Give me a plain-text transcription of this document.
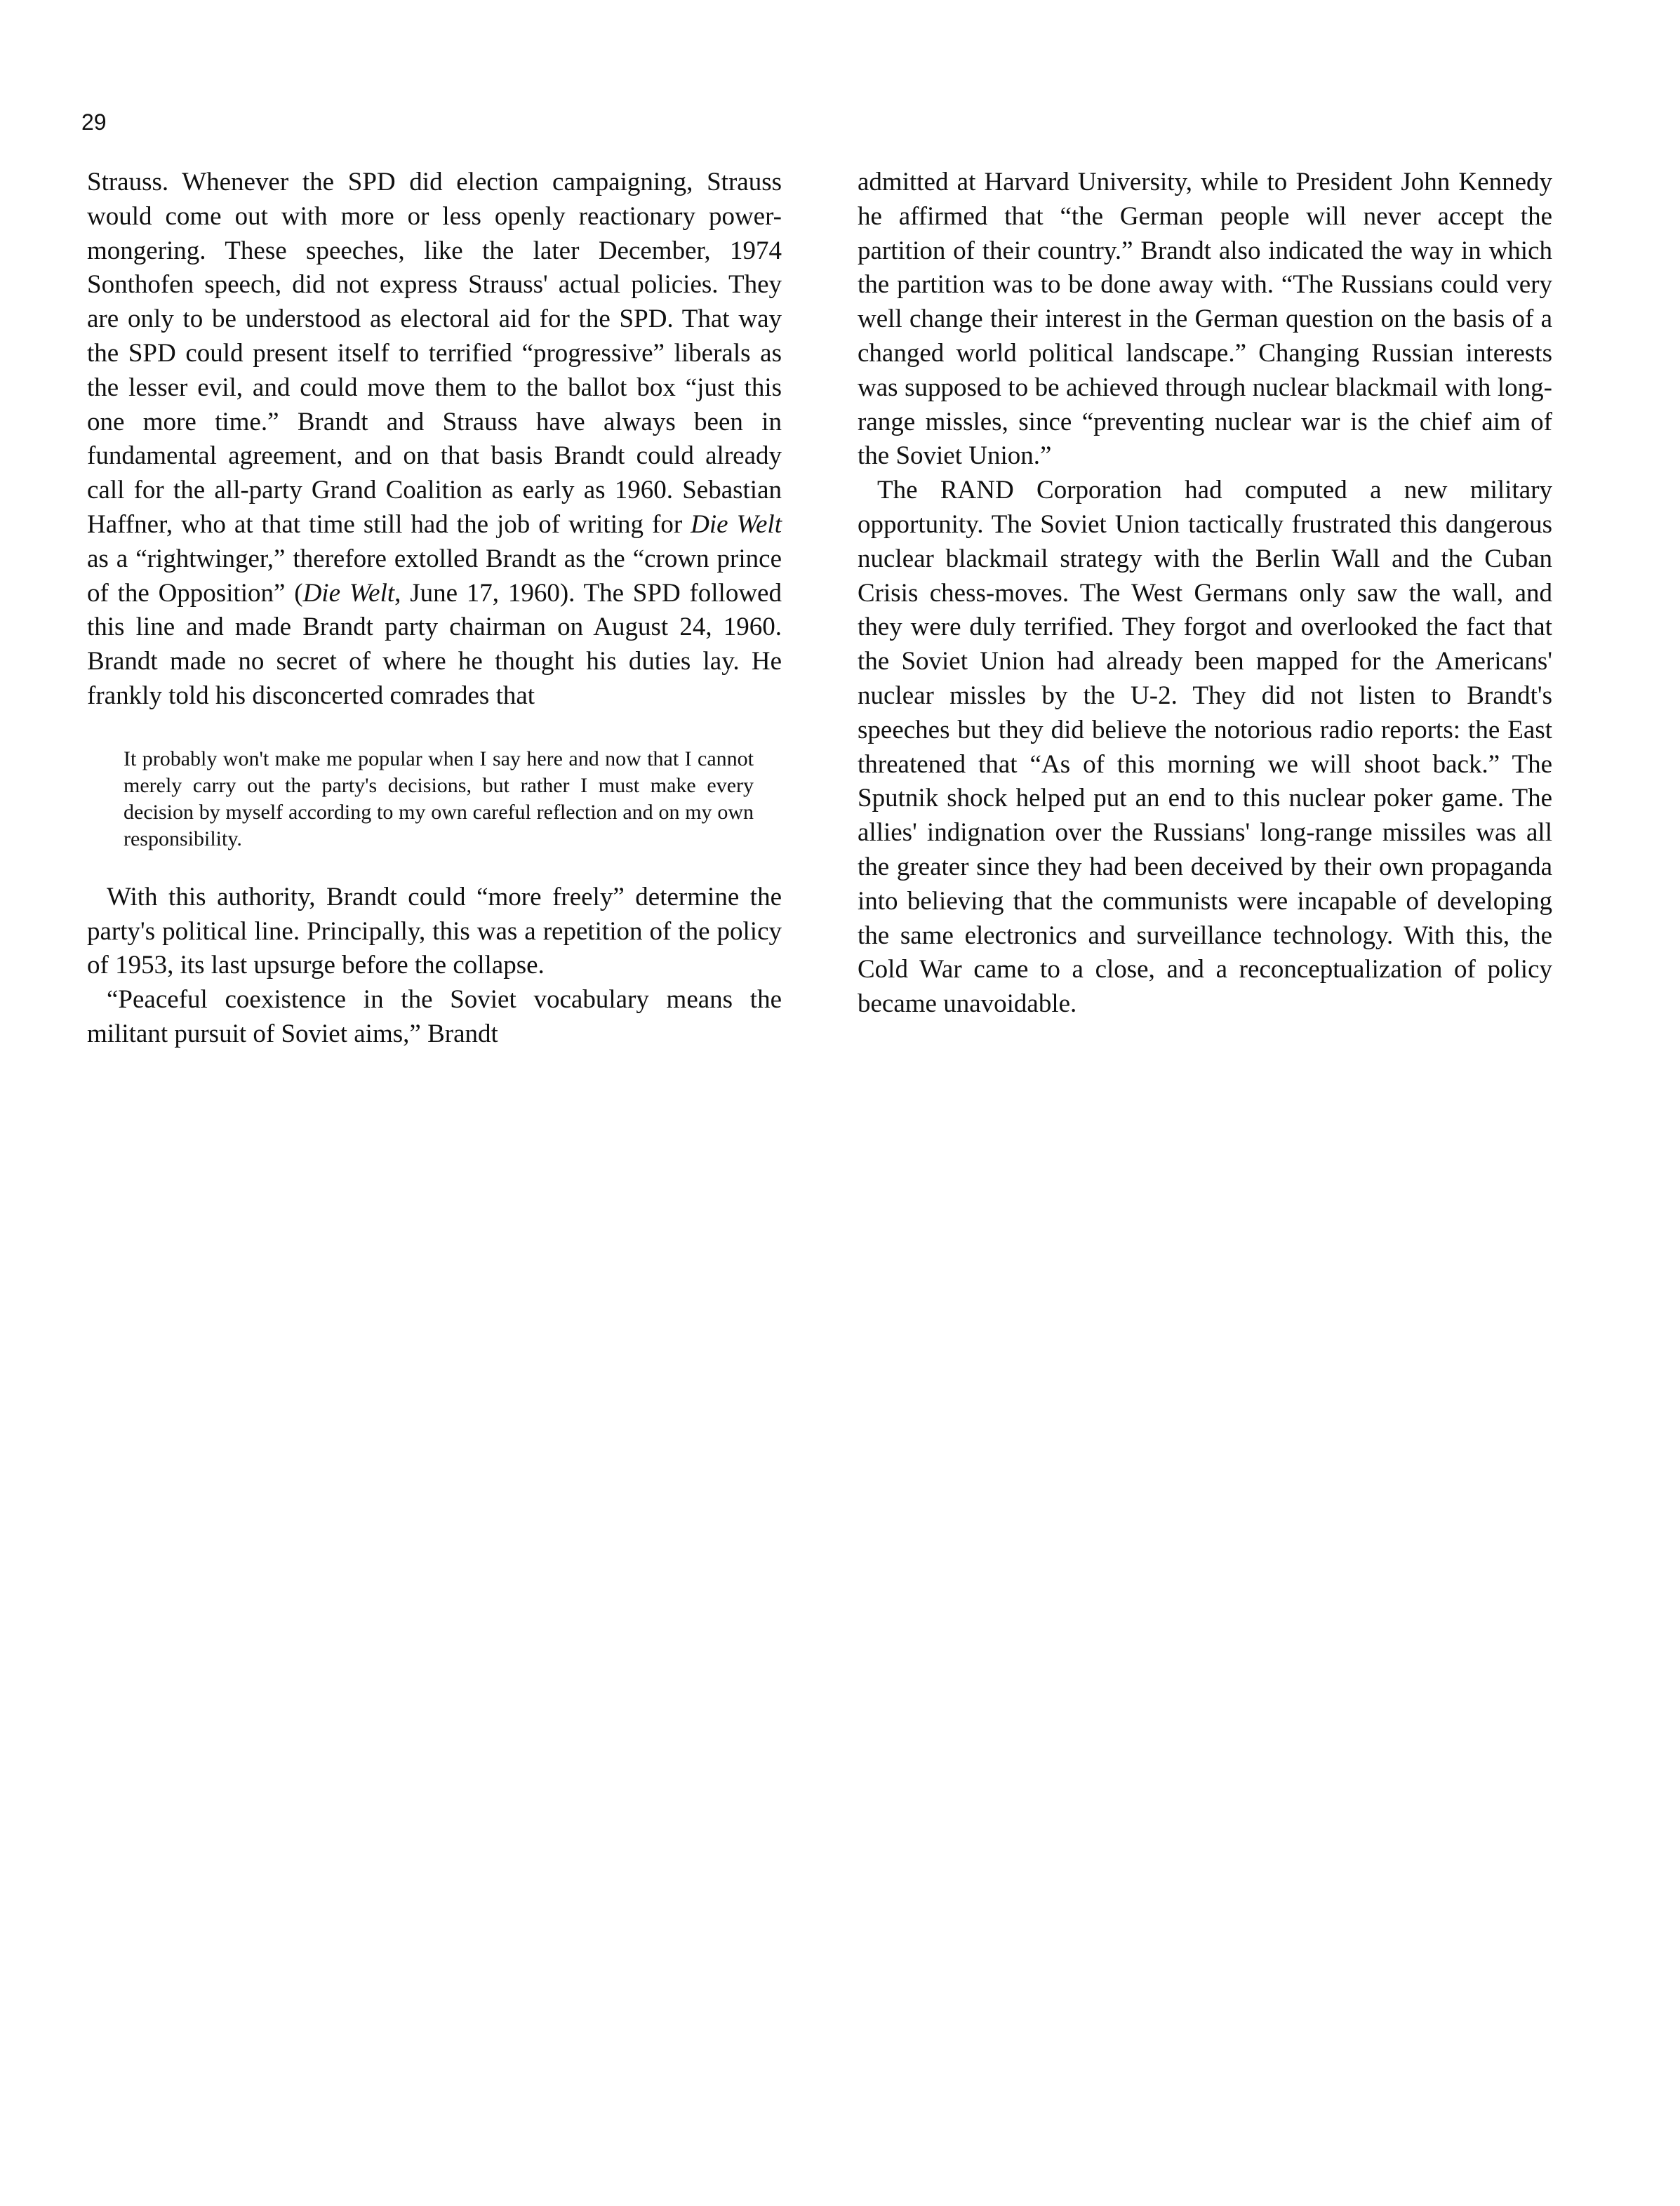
29

Strauss. Whenever the SPD did election campaigning, Strauss would come out with more or less openly reactionary power-mongering. These speeches, like the later December, 1974 Sonthofen speech, did not express Strauss' actual policies. They are only to be understood as electoral aid for the SPD. That way the SPD could present itself to terrified “progressive” liberals as the lesser evil, and could move them to the ballot box “just this one more time.” Brandt and Strauss have always been in fundamental agreement, and on that basis Brandt could already call for the all-party Grand Coalition as early as 1960. Sebastian Haffner, who at that time still had the job of writing for Die Welt as a “rightwinger,” therefore extolled Brandt as the “crown prince of the Opposition” (Die Welt, June 17, 1960). The SPD followed this line and made Brandt party chairman on August 24, 1960. Brandt made no secret of where he thought his duties lay. He frankly told his disconcerted comrades that

It probably won't make me popular when I say here and now that I cannot merely carry out the party's decisions, but rather I must make every decision by myself according to my own careful reflection and on my own responsibility.

With this authority, Brandt could “more freely” determine the party's political line. Principally, this was a repetition of the policy of 1953, its last upsurge before the collapse.

“Peaceful coexistence in the Soviet vocabulary means the militant pursuit of Soviet aims,” Brandt

admitted at Harvard University, while to President John Kennedy he affirmed that “the German people will never accept the partition of their country.” Brandt also indicated the way in which the partition was to be done away with. “The Russians could very well change their interest in the German question on the basis of a changed world political landscape.” Changing Russian interests was supposed to be achieved through nuclear blackmail with long-range missles, since “preventing nuclear war is the chief aim of the Soviet Union.”

The RAND Corporation had computed a new military opportunity. The Soviet Union tactically frustrated this dangerous nuclear blackmail strategy with the Berlin Wall and the Cuban Crisis chess-moves. The West Germans only saw the wall, and they were duly terrified. They forgot and overlooked the fact that the Soviet Union had already been mapped for the Americans' nuclear missles by the U-2. They did not listen to Brandt's speeches but they did believe the notorious radio reports: the East threatened that “As of this morning we will shoot back.” The Sputnik shock helped put an end to this nuclear poker game. The allies' indignation over the Russians' long-range missiles was all the greater since they had been deceived by their own propaganda into believing that the communists were incapable of developing the same electronics and surveillance technology. With this, the Cold War came to a close, and a reconceptualization of policy became unavoidable.
